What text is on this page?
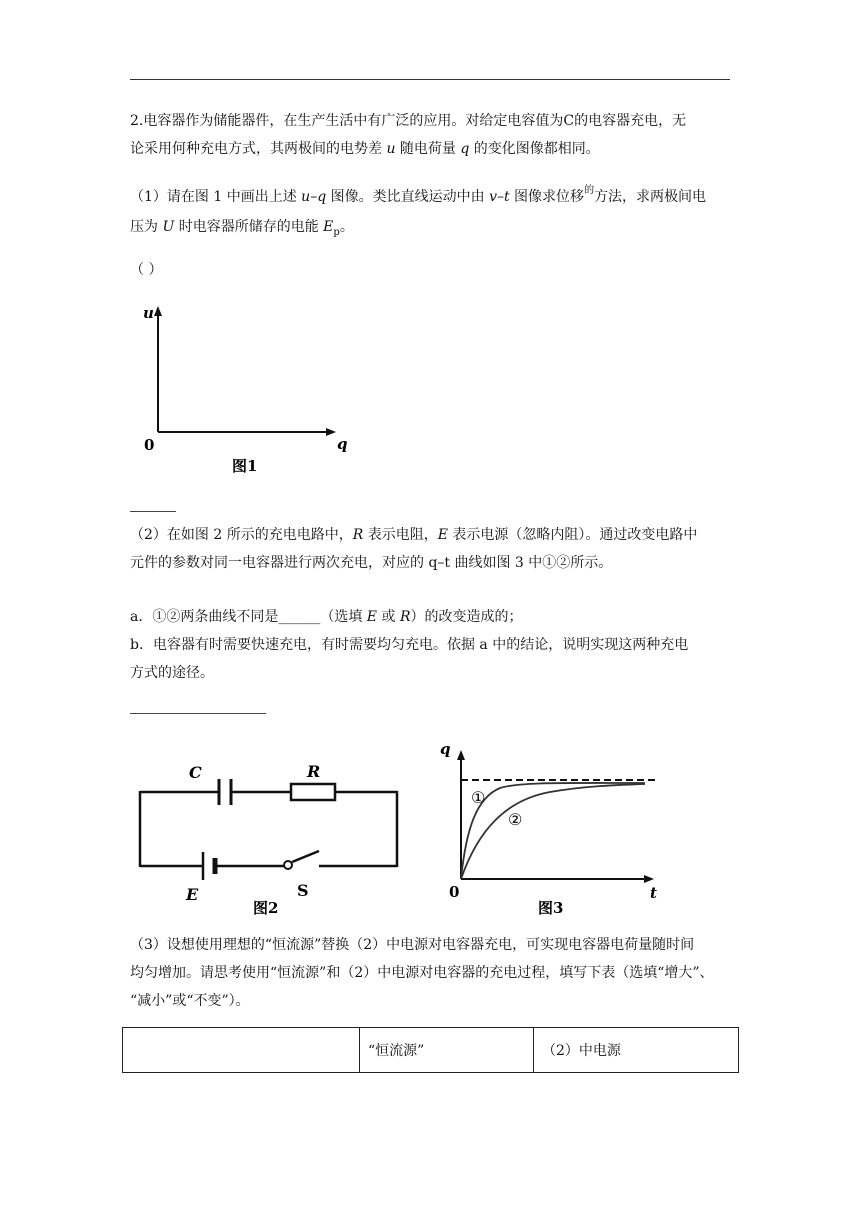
2.电容器作为储能器件，在生产生活中有广泛的应用。对给定电容值为C的电容器充电，无
论采用何种充电方式，其两极间的电势差 u 随电荷量 q 的变化图像都相同。

（1）请在图 1 中画出上述 u–q 图像。类比直线运动中由 v–t 图像求位移$^的$方法，求两极间电
压为 U 时电容器所储存的电能 $E_p$。

（ ）

u
q
0
图1

（2）在如图 2 所示的充电电路中，R 表示电阻，E 表示电源（忽略内阻）。通过改变电路中
元件的参数对同一电容器进行两次充电，对应的 q–t 曲线如图 3 中①②所示。

a．①②两条曲线不同是______（选填 E 或 R）的改变造成的；

b．电容器有时需要快速充电，有时需要均匀充电。依据 a 中的结论，说明实现这两种充电
方式的途径。

C	R
E	S
图2
q
t
0
①
②
图3

（3）设想使用理想的“恒流源”替换（2）中电源对电容器充电，可实现电容器电荷量随时间
均匀增加。请思考使用“恒流源”和（2）中电源对电容器的充电过程，填写下表（选填“增大”、
“减小”或“不变”）。

	“恒流源”	（2）中电源
